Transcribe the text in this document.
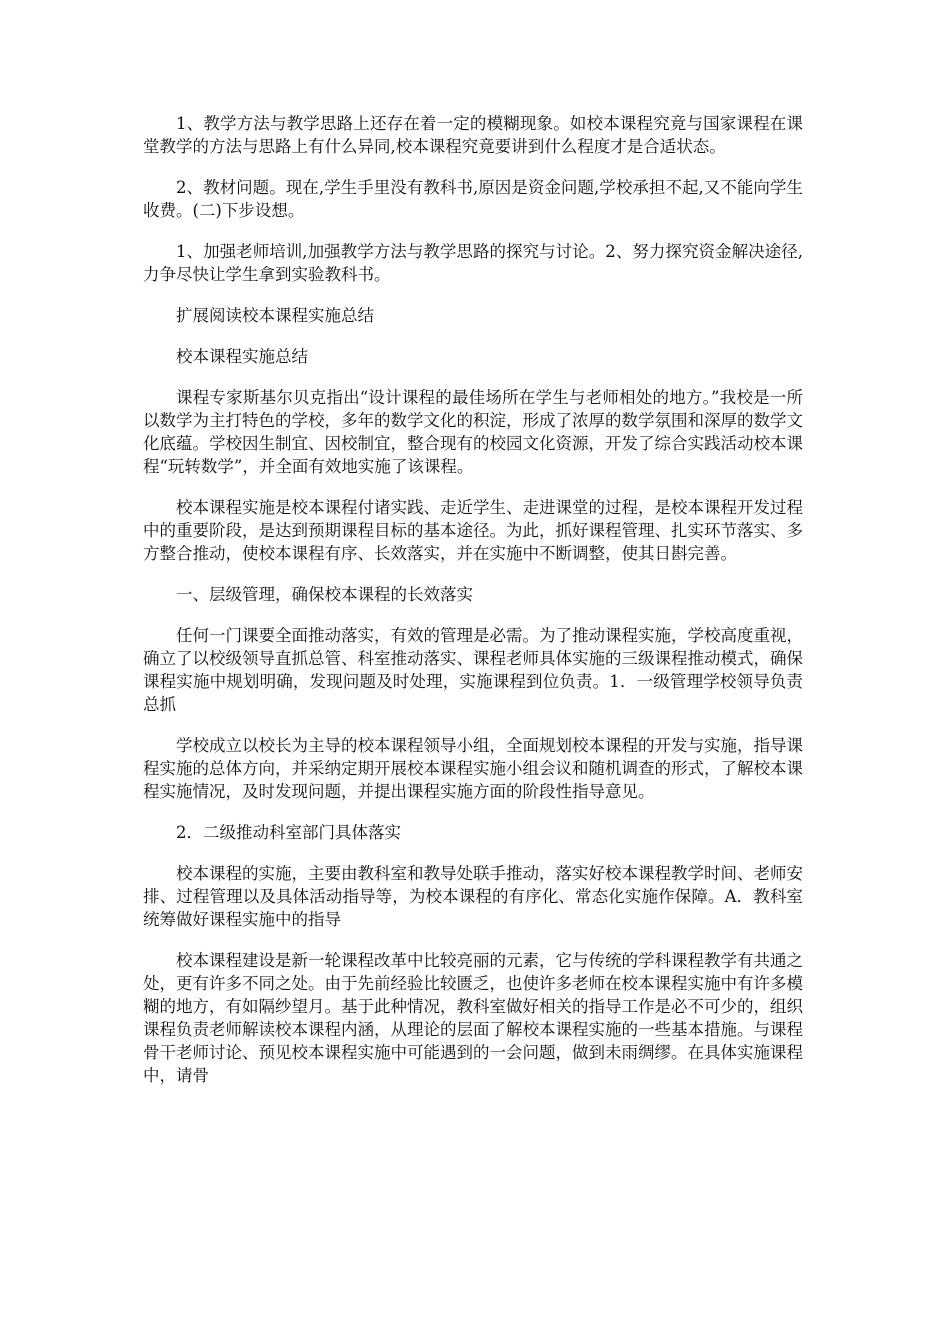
1、教学方法与教学思路上还存在着一定的模糊现象。如校本课程究竟与国家课程在课堂教学的方法与思路上有什么异同,校本课程究竟要讲到什么程度才是合适状态。

2、教材问题。现在,学生手里没有教科书,原因是资金问题,学校承担不起,又不能向学生收费。(二)下步设想。

1、加强老师培训,加强教学方法与教学思路的探究与讨论。2、努力探究资金解决途径,力争尽快让学生拿到实验教科书。

扩展阅读校本课程实施总结

校本课程实施总结

课程专家斯基尔贝克指出“设计课程的最佳场所在学生与老师相处的地方。”我校是一所以数学为主打特色的学校，多年的数学文化的积淀，形成了浓厚的数学氛围和深厚的数学文化底蕴。学校因生制宜、因校制宜，整合现有的校园文化资源，开发了综合实践活动校本课程“玩转数学”，并全面有效地实施了该课程。

校本课程实施是校本课程付诸实践、走近学生、走进课堂的过程，是校本课程开发过程中的重要阶段，是达到预期课程目标的基本途径。为此，抓好课程管理、扎实环节落实、多方整合推动，使校本课程有序、长效落实，并在实施中不断调整，使其日斟完善。

一、层级管理，确保校本课程的长效落实

任何一门课要全面推动落实，有效的管理是必需。为了推动课程实施，学校高度重视，确立了以校级领导直抓总管、科室推动落实、课程老师具体实施的三级课程推动模式，确保课程实施中规划明确，发现问题及时处理，实施课程到位负责。1．一级管理学校领导负责总抓

学校成立以校长为主导的校本课程领导小组，全面规划校本课程的开发与实施，指导课程实施的总体方向，并采纳定期开展校本课程实施小组会议和随机调查的形式，了解校本课程实施情况，及时发现问题，并提出课程实施方面的阶段性指导意见。

2．二级推动科室部门具体落实

校本课程的实施，主要由教科室和教导处联手推动，落实好校本课程教学时间、老师安排、过程管理以及具体活动指导等，为校本课程的有序化、常态化实施作保障。A．教科室统筹做好课程实施中的指导

校本课程建设是新一轮课程改革中比较亮丽的元素，它与传统的学科课程教学有共通之处，更有许多不同之处。由于先前经验比较匮乏，也使许多老师在校本课程实施中有许多模糊的地方，有如隔纱望月。基于此种情况，教科室做好相关的指导工作是必不可少的，组织课程负责老师解读校本课程内涵，从理论的层面了解校本课程实施的一些基本措施。与课程骨干老师讨论、预见校本课程实施中可能遇到的一会问题，做到未雨绸缪。在具体实施课程中，请骨
